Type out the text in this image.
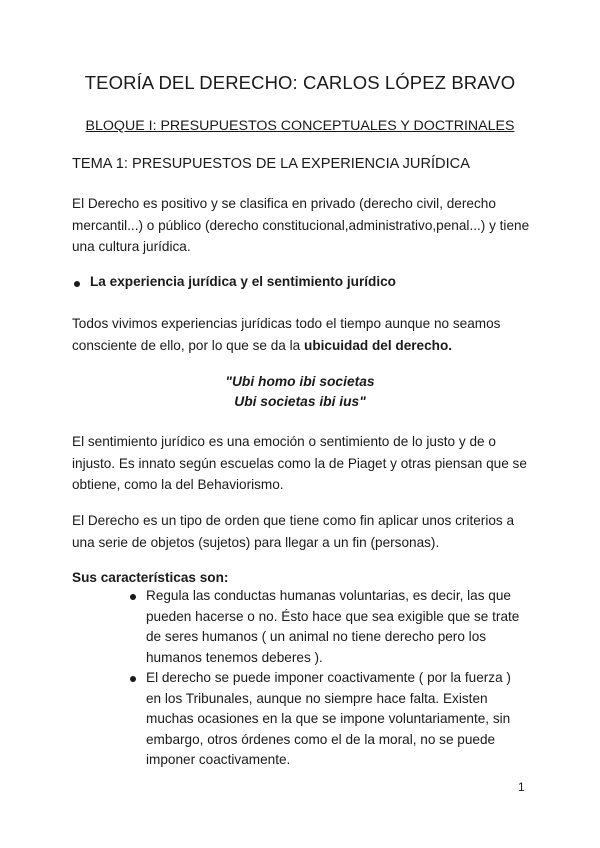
TEORÍA DEL DERECHO: CARLOS LÓPEZ BRAVO
BLOQUE I: PRESUPUESTOS CONCEPTUALES Y DOCTRINALES
TEMA 1: PRESUPUESTOS DE LA EXPERIENCIA JURÍDICA

El Derecho es positivo y se clasifica en privado (derecho civil, derecho mercantil...) o público (derecho constitucional,administrativo,penal...) y tiene una cultura jurídica.

La experiencia jurídica y el sentimiento jurídico

Todos vivimos experiencias jurídicas todo el tiempo aunque no seamos consciente de ello, por lo que se da la ubicuidad del derecho.

"Ubi homo ibi societas
Ubi societas ibi ius"

El sentimiento jurídico es una emoción o sentimiento de lo justo y de o injusto. Es innato según escuelas como la de Piaget y otras piensan que se obtiene, como la del Behaviorismo.

El Derecho es un tipo de orden que tiene como fin aplicar unos criterios a una serie de objetos (sujetos) para llegar a un fin (personas).

Sus características son:

Regula las conductas humanas voluntarias, es decir, las que pueden hacerse o no. Ésto hace que sea exigible que se trate de seres humanos ( un animal no tiene derecho pero los humanos tenemos deberes ).

El derecho se puede imponer coactivamente ( por la fuerza ) en los Tribunales, aunque no siempre hace falta. Existen muchas ocasiones en la que se impone voluntariamente, sin embargo, otros órdenes como el de la moral, no se puede imponer coactivamente.

1
